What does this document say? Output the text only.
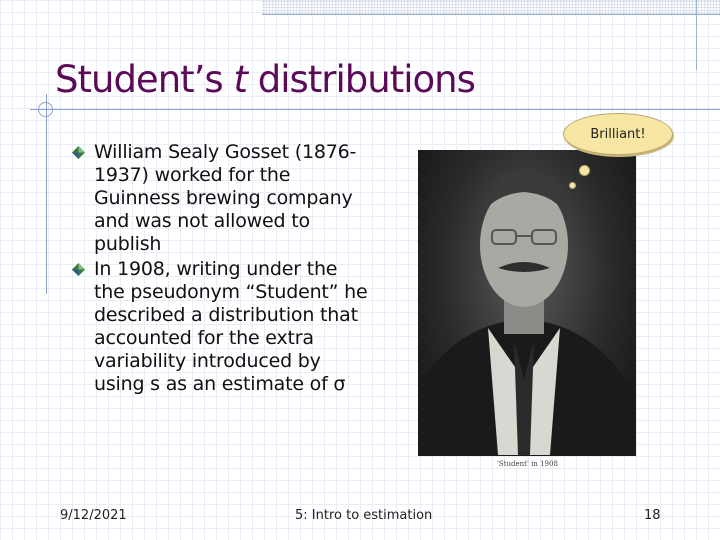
Student’s t distributions
William Sealy Gosset (1876-1937) worked for the Guinness brewing company and was not allowed to publish
In 1908, writing under the the pseudonym “Student” he described a distribution that accounted for the extra variability introduced by using s as an estimate of σ
'Student' in 1908
Brilliant!
9/12/2021	5: Intro to estimation	18
